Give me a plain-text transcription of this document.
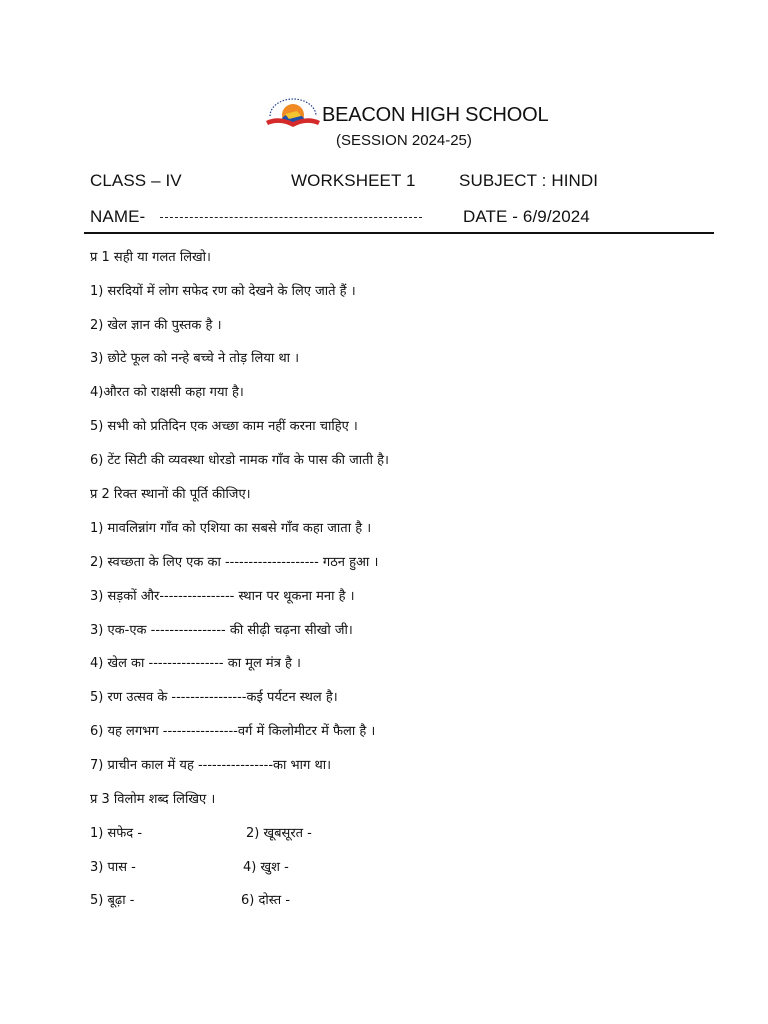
BEACON HIGH SCHOOL
(SESSION 2024-25)
CLASS – IV	WORKSHEET 1	SUBJECT : HINDI
NAME-	DATE - 6/9/2024
प्र 1 सही या गलत लिखो।
1) सरदियों में लोग सफेद रण को देखने के लिए जाते हैं ।
2) खेल ज्ञान की पुस्तक है ।
3) छोटे फूल को नन्हे बच्चे ने तोड़ लिया था ।
4)औरत को राक्षसी कहा गया है।
5) सभी को प्रतिदिन एक अच्छा काम नहीं करना चाहिए ।
6) टेंट सिटी की व्यवस्था धोरडो नामक गाँव के पास की जाती है।
प्र 2 रिक्त स्थानों की पूर्ति कीजिए।
1) मावलिन्नांग गाँव को एशिया का सबसे गाँव कहा जाता है ।
2) स्वच्छता के लिए एक का -------------------- गठन हुआ ।
3) सड़कों और---------------- स्थान पर थूकना मना है ।
3) एक-एक ---------------- की सीढ़ी चढ़ना सीखो जी।
4) खेल का ---------------- का मूल मंत्र है ।
5) रण उत्सव के ----------------कई पर्यटन स्थल है।
6) यह लगभग ----------------वर्ग में किलोमीटर में फैला है ।
7) प्राचीन काल में यह ----------------का भाग था।
प्र 3 विलोम शब्द लिखिए ।
1) सफेद -	2) खूबसूरत -
3) पास -	4) खुश -
5) बूढ़ा -	6) दोस्त -
